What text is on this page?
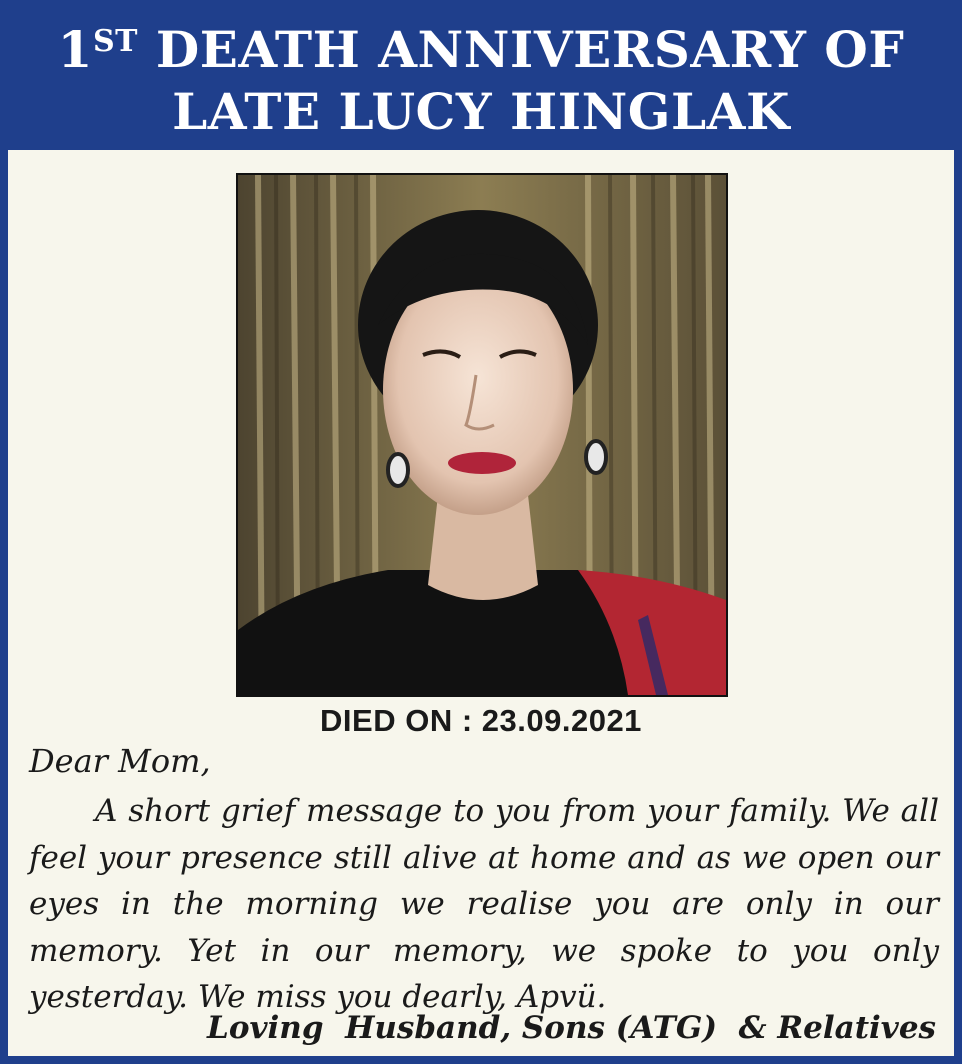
1ST DEATH ANNIVERSARY OF
LATE LUCY HINGLAK
DIED ON : 23.09.2021
Dear Mom,
A short grief message to you from your family. We all feel your presence still alive at home and as we open our eyes in the morning we realise you are only in our memory. Yet in our memory, we spoke to you only yesterday. We miss you dearly, Apvü.
Loving  Husband, Sons (ATG)  & Relatives
